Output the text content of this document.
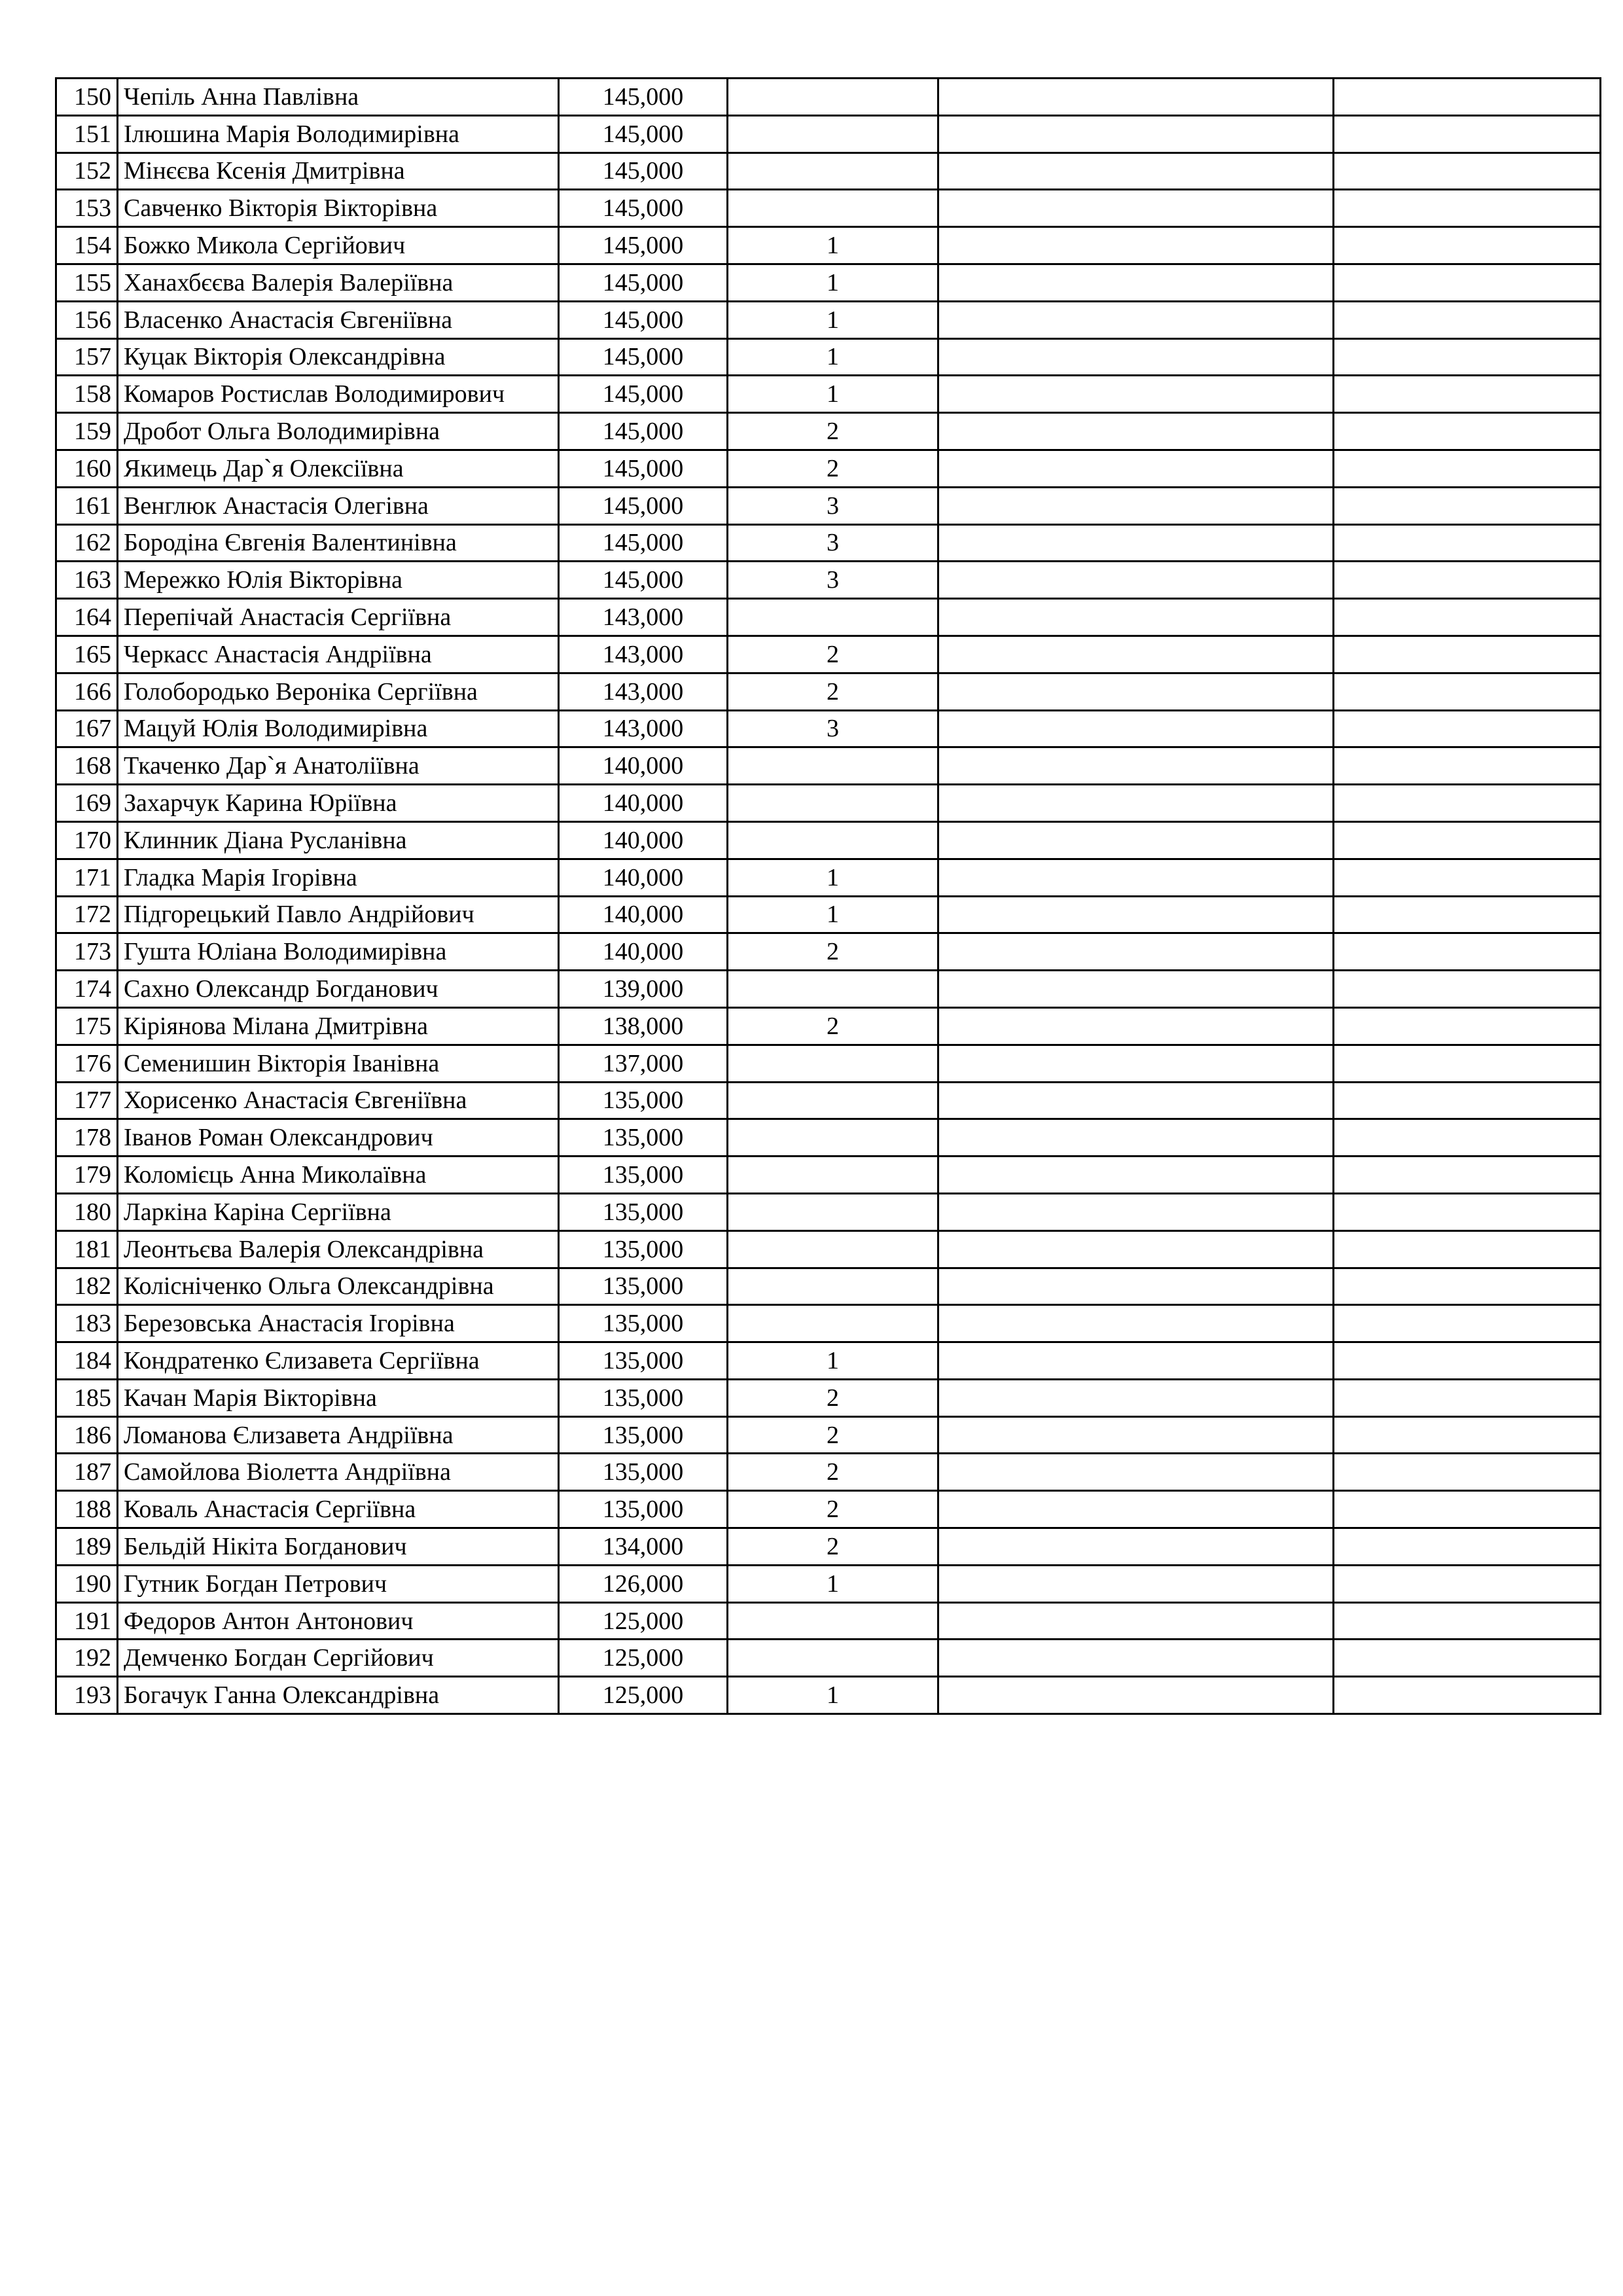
150	Чепіль Анна Павлівна	145,000			
151	Ілюшина Марія Володимирівна	145,000			
152	Мінєєва Ксенія Дмитрівна	145,000			
153	Савченко Вікторія Вікторівна	145,000			
154	Божко Микола Сергійович	145,000	1		
155	Ханахбєєва Валерія Валеріївна	145,000	1		
156	Власенко Анастасія Євгеніївна	145,000	1		
157	Куцак Вікторія Олександрівна	145,000	1		
158	Комаров Ростислав Володимирович	145,000	1		
159	Дробот Ольга Володимирівна	145,000	2		
160	Якимець Дар`я Олексіївна	145,000	2		
161	Венглюк Анастасія Олегівна	145,000	3		
162	Бородіна Євгенія Валентинівна	145,000	3		
163	Мережко Юлія Вікторівна	145,000	3		
164	Перепічай Анастасія Сергіївна	143,000			
165	Черкасс Анастасія Андріївна	143,000	2		
166	Голобородько Вероніка Сергіївна	143,000	2		
167	Мацуй Юлія Володимирівна	143,000	3		
168	Ткаченко Дар`я Анатоліївна	140,000			
169	Захарчук Карина Юріївна	140,000			
170	Клинник Діана Русланівна	140,000			
171	Гладка Марія Ігорівна	140,000	1		
172	Підгорецький Павло Андрійович	140,000	1		
173	Гушта Юліана Володимирівна	140,000	2		
174	Сахно Олександр Богданович	139,000			
175	Кіріянова Мілана Дмитрівна	138,000	2		
176	Семенишин Вікторія Іванівна	137,000			
177	Хорисенко Анастасія Євгеніївна	135,000			
178	Іванов Роман Олександрович	135,000			
179	Коломієць Анна Миколаївна	135,000			
180	Ларкіна Каріна Сергіївна	135,000			
181	Леонтьєва Валерія Олександрівна	135,000			
182	Колісніченко Ольга Олександрівна	135,000			
183	Березовська Анастасія Ігорівна	135,000			
184	Кондратенко Єлизавета Сергіївна	135,000	1		
185	Качан Марія Вікторівна	135,000	2		
186	Ломанова Єлизавета Андріївна	135,000	2		
187	Самойлова Віолетта Андріївна	135,000	2		
188	Коваль Анастасія Сергіївна	135,000	2		
189	Бельдій Нікіта Богданович	134,000	2		
190	Гутник Богдан Петрович	126,000	1		
191	Федоров Антон Антонович	125,000			
192	Демченко Богдан Сергійович	125,000			
193	Богачук Ганна Олександрівна	125,000	1		
